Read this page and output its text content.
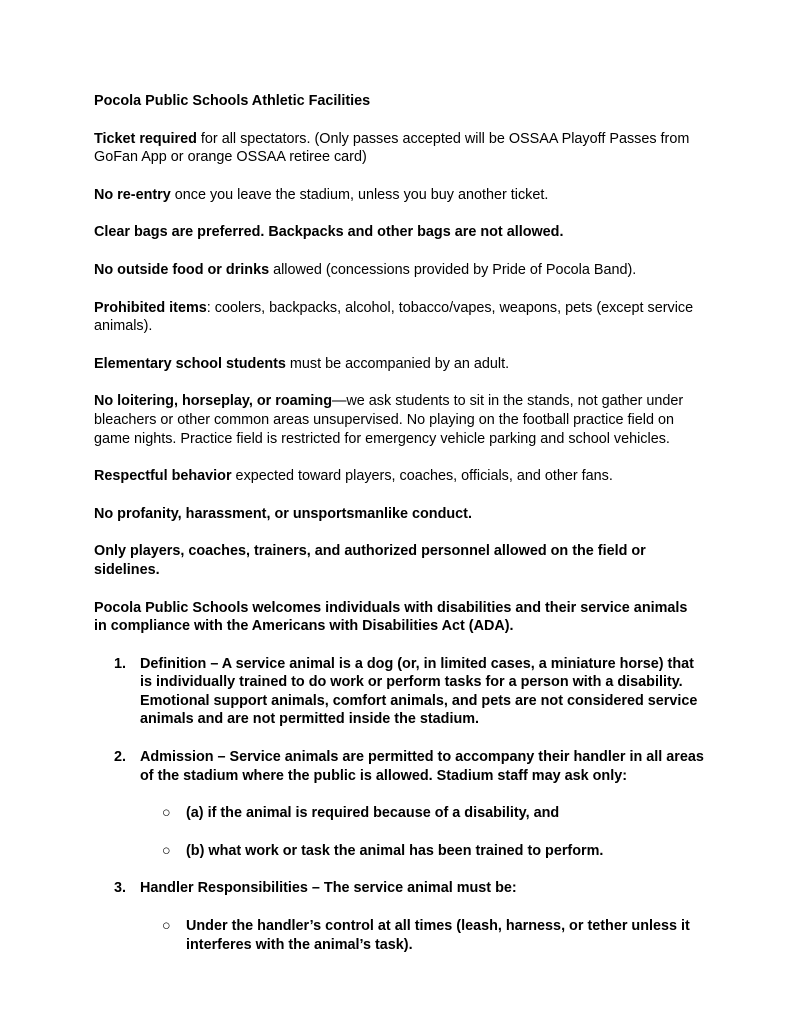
Pocola Public Schools Athletic Facilities

Ticket required for all spectators. (Only passes accepted will be OSSAA Playoff Passes from GoFan App or orange OSSAA retiree card)

No re-entry once you leave the stadium, unless you buy another ticket.

Clear bags are preferred. Backpacks and other bags are not allowed.

No outside food or drinks allowed (concessions provided by Pride of Pocola Band).

Prohibited items: coolers, backpacks, alcohol, tobacco/vapes, weapons, pets (except service animals).

Elementary school students must be accompanied by an adult.

No loitering, horseplay, or roaming—we ask students to sit in the stands, not gather under bleachers or other common areas unsupervised. No playing on the football practice field on game nights. Practice field is restricted for emergency vehicle parking and school vehicles.

Respectful behavior expected toward players, coaches, officials, and other fans.

No profanity, harassment, or unsportsmanlike conduct.

Only players, coaches, trainers, and authorized personnel allowed on the field or sidelines.

Pocola Public Schools welcomes individuals with disabilities and their service animals in compliance with the Americans with Disabilities Act (ADA).

1. Definition – A service animal is a dog (or, in limited cases, a miniature horse) that is individually trained to do work or perform tasks for a person with a disability. Emotional support animals, comfort animals, and pets are not considered service animals and are not permitted inside the stadium.
2. Admission – Service animals are permitted to accompany their handler in all areas of the stadium where the public is allowed. Stadium staff may ask only:
○ (a) if the animal is required because of a disability, and
○ (b) what work or task the animal has been trained to perform.
3. Handler Responsibilities – The service animal must be:
○ Under the handler’s control at all times (leash, harness, or tether unless it interferes with the animal’s task).
